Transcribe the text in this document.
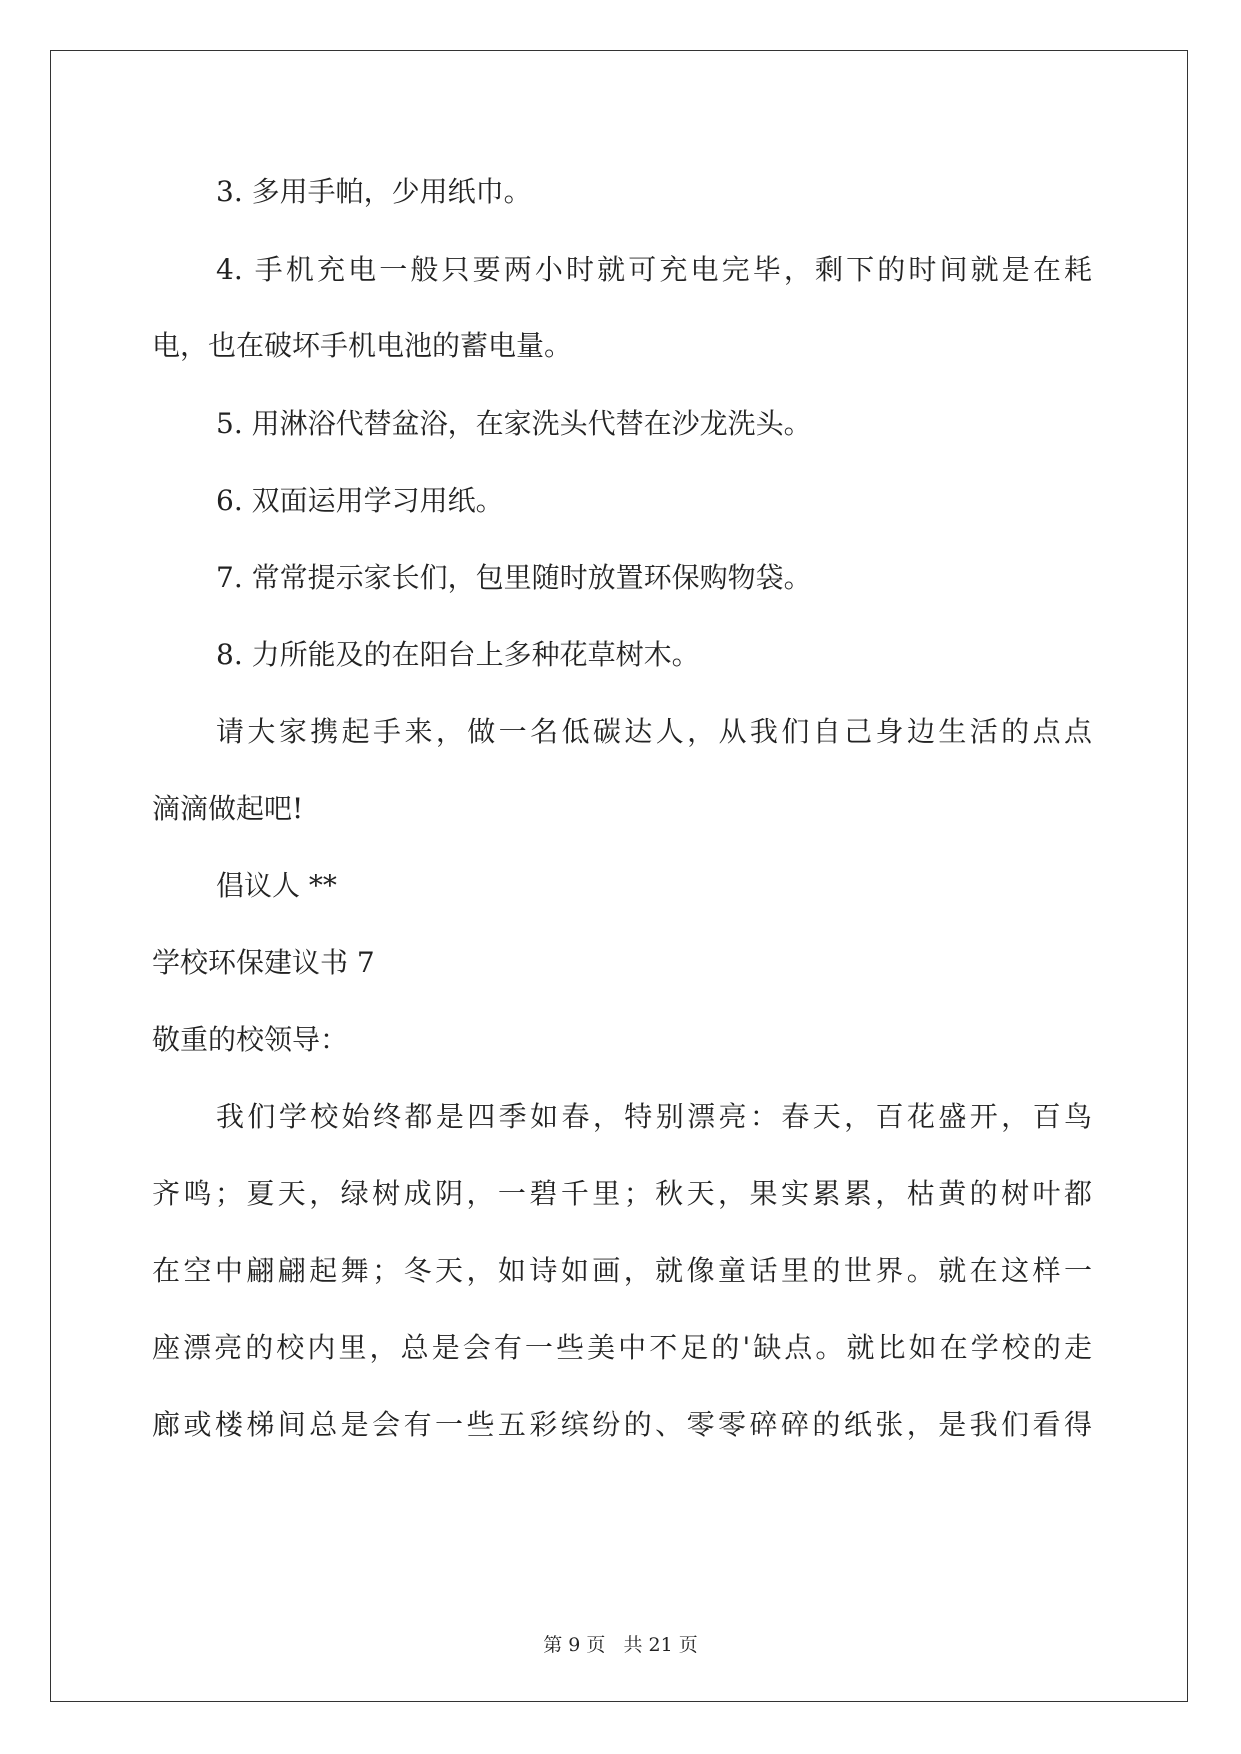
3. 多用手帕，少用纸巾。
4. 手机充电一般只要两小时就可充电完毕，剩下的时间就是在耗
电，也在破坏手机电池的蓄电量。
5. 用淋浴代替盆浴，在家洗头代替在沙龙洗头。
6. 双面运用学习用纸。
7. 常常提示家长们，包里随时放置环保购物袋。
8. 力所能及的在阳台上多种花草树木。
请大家携起手来，做一名低碳达人，从我们自己身边生活的点点
滴滴做起吧!
倡议人 **
学校环保建议书 7
敬重的校领导：
我们学校始终都是四季如春，特别漂亮：春天，百花盛开，百鸟
齐鸣；夏天，绿树成阴，一碧千里；秋天，果实累累，枯黄的树叶都
在空中翩翩起舞；冬天，如诗如画，就像童话里的世界。就在这样一
座漂亮的校内里，总是会有一些美中不足的'缺点。就比如在学校的走
廊或楼梯间总是会有一些五彩缤纷的、零零碎碎的纸张，是我们看得
第 9 页 共 21 页
